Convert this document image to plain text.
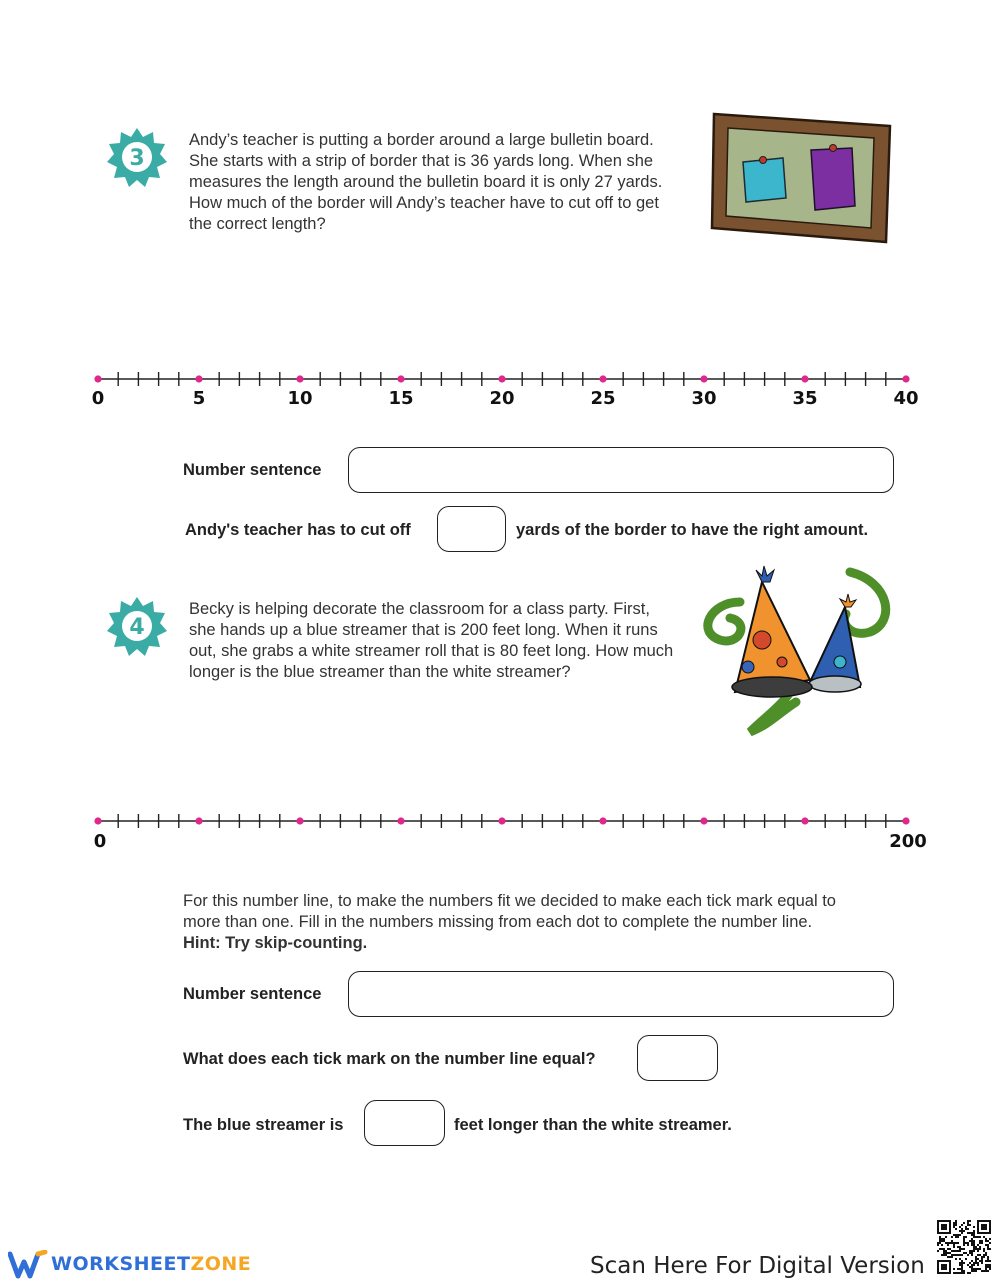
3

Andy’s teacher is putting a border around a large bulletin board.
She starts with a strip of border that is 36 yards long. When she
measures the length around the bulletin board it is only 27 yards.
How much of the border will Andy’s teacher have to cut off to get
the correct length?

0	5	10	15	20	25	30	35	40
Number sentence
Andy's teacher has to cut off	yards of the border to have the right amount.
4

Becky is helping decorate the classroom for a class party. First,
she hands up a blue streamer that is 200 feet long. When it runs
out, she grabs a white streamer roll that is 80 feet long. How much
longer is the blue streamer than the white streamer?

0	200

For this number line, to make the numbers fit we decided to make each tick mark equal to
more than one. Fill in the numbers missing from each dot to complete the number line.
Hint: Try skip-counting.

Number sentence
What does each tick mark on the number line equal?
The blue streamer is	feet longer than the white streamer.
WORKSHEETZONE	Scan Here For Digital Version
